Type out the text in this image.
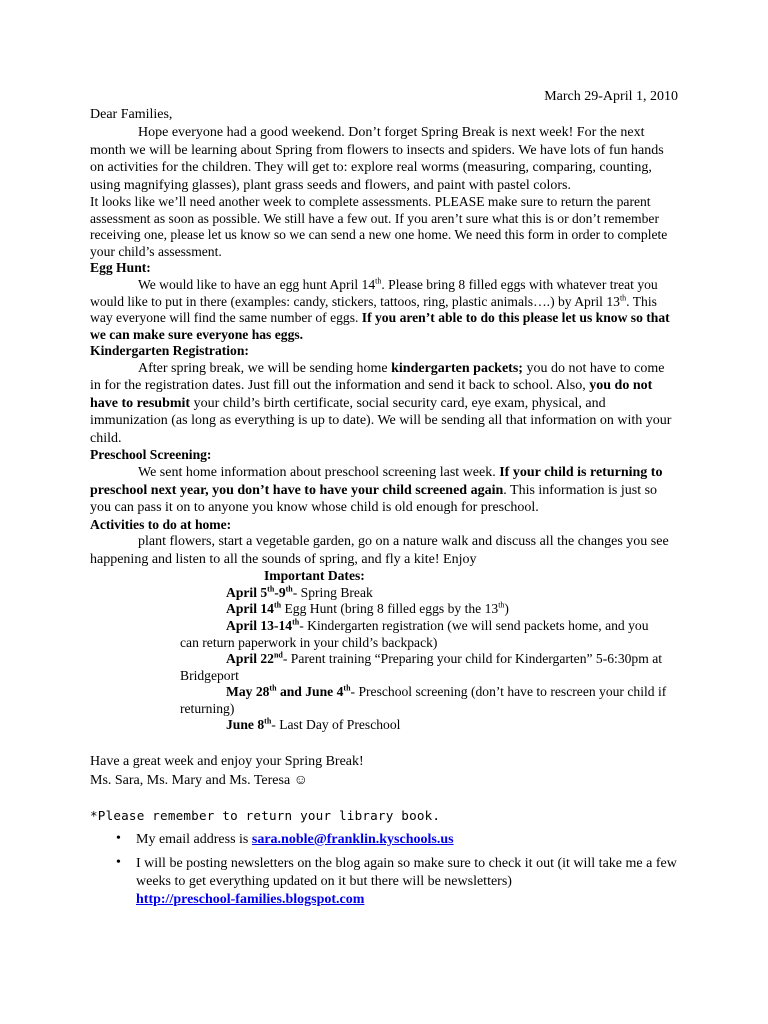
March 29-April 1, 2010

Dear Families,

Hope everyone had a good weekend. Don’t forget Spring Break is next week! For the next month we will be learning about Spring from flowers to insects and spiders. We have lots of fun hands on activities for the children. They will get to: explore real worms (measuring, comparing, counting, using magnifying glasses), plant grass seeds and flowers, and paint with pastel colors.

It looks like we’ll need another week to complete assessments. PLEASE make sure to return the parent assessment as soon as possible. We still have a few out. If you aren’t sure what this is or don’t remember receiving one, please let us know so we can send a new one home. We need this form in order to complete your child’s assessment.

Egg Hunt:

We would like to have an egg hunt April 14th. Please bring 8 filled eggs with whatever treat you would like to put in there (examples: candy, stickers, tattoos, ring, plastic animals….) by April 13th. This way everyone will find the same number of eggs. If you aren’t able to do this please let us know so that we can make sure everyone has eggs.

Kindergarten Registration:

After spring break, we will be sending home kindergarten packets; you do not have to come in for the registration dates. Just fill out the information and send it back to school. Also, you do not have to resubmit your child’s birth certificate, social security card, eye exam, physical, and immunization (as long as everything is up to date). We will be sending all that information on with your child.

Preschool Screening:

We sent home information about preschool screening last week. If your child is returning to preschool next year, you don’t have to have your child screened again. This information is just so you can pass it on to anyone you know whose child is old enough for preschool.

Activities to do at home:

plant flowers, start a vegetable garden, go on a nature walk and discuss all the changes you see happening and listen to all the sounds of spring, and fly a kite! Enjoy

Important Dates:

April 5th-9th- Spring Break

April 14th Egg Hunt (bring 8 filled eggs by the 13th)

April 13-14th- Kindergarten registration (we will send packets home, and you

can return paperwork in your child’s backpack)

April 22nd- Parent training “Preparing your child for Kindergarten” 5-6:30pm at

Bridgeport

May 28th and June 4th- Preschool screening (don’t have to rescreen your child if

returning)

June 8th- Last Day of Preschool

Have a great week and enjoy your Spring Break!

Ms. Sara, Ms. Mary and Ms. Teresa ☺

*Please remember to return your library book.

• My email address is sara.noble@franklin.kyschools.us
• I will be posting newsletters on the blog again so make sure to check it out (it will take me a few weeks to get everything updated on it but there will be newsletters)
http://preschool-families.blogspot.com
